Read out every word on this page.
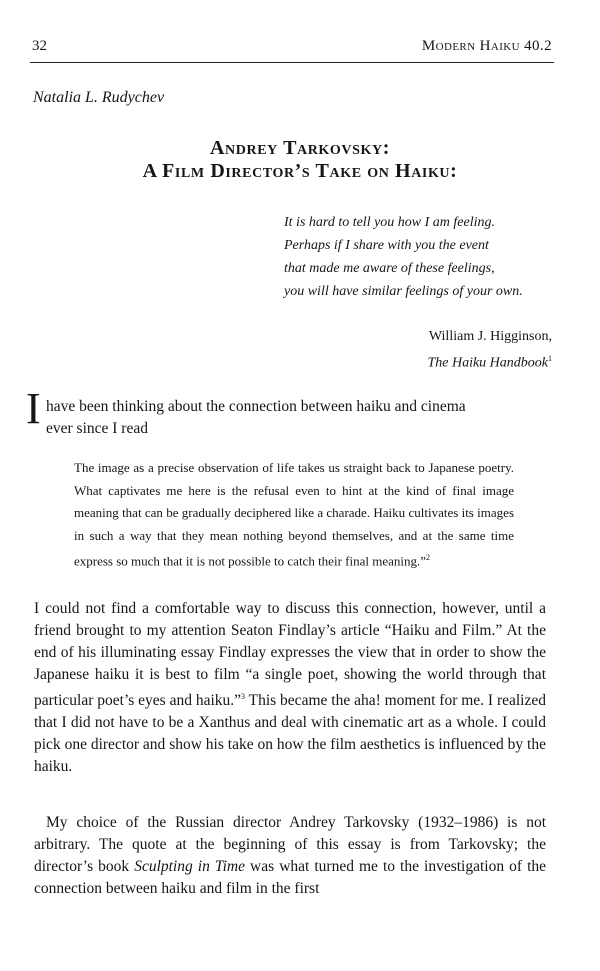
32	Modern Haiku 40.2
Natalia L. Rudychev
Andrey Tarkovsky:
A Film Director’s Take on Haiku:
It is hard to tell you how I am feeling.
Perhaps if I share with you the event
that made me aware of these feelings,
you will have similar feelings of your own.
William J. Higginson,
The Haiku Handbook$^1$
I have been thinking about the connection between haiku and cinema
ever since I read
The image as a precise observation of life takes us straight back to Japanese poetry. What captivates me here is the refusal even to hint at the kind of final image meaning that can be gradually deciphered like a charade. Haiku cultivates its images in such a way that they mean nothing beyond themselves, and at the same time express so much that it is not possible to catch their final meaning.”$^2$
I could not find a comfortable way to discuss this connection, however, until a friend brought to my attention Seaton Findlay’s article “Haiku and Film.” At the end of his illuminating essay Findlay expresses the view that in order to show the Japanese haiku it is best to film “a single poet, showing the world through that particular poet’s eyes and haiku.”$^3$ This became the aha! moment for me. I realized that I did not have to be a Xanthus and deal with cinematic art as a whole. I could pick one director and show his take on how the film aesthetics is influenced by the haiku.
My choice of the Russian director Andrey Tarkovsky (1932–1986) is not arbitrary. The quote at the beginning of this essay is from Tarkovsky; the director’s book Sculpting in Time was what turned me to the investigation of the connection between haiku and film in the first
